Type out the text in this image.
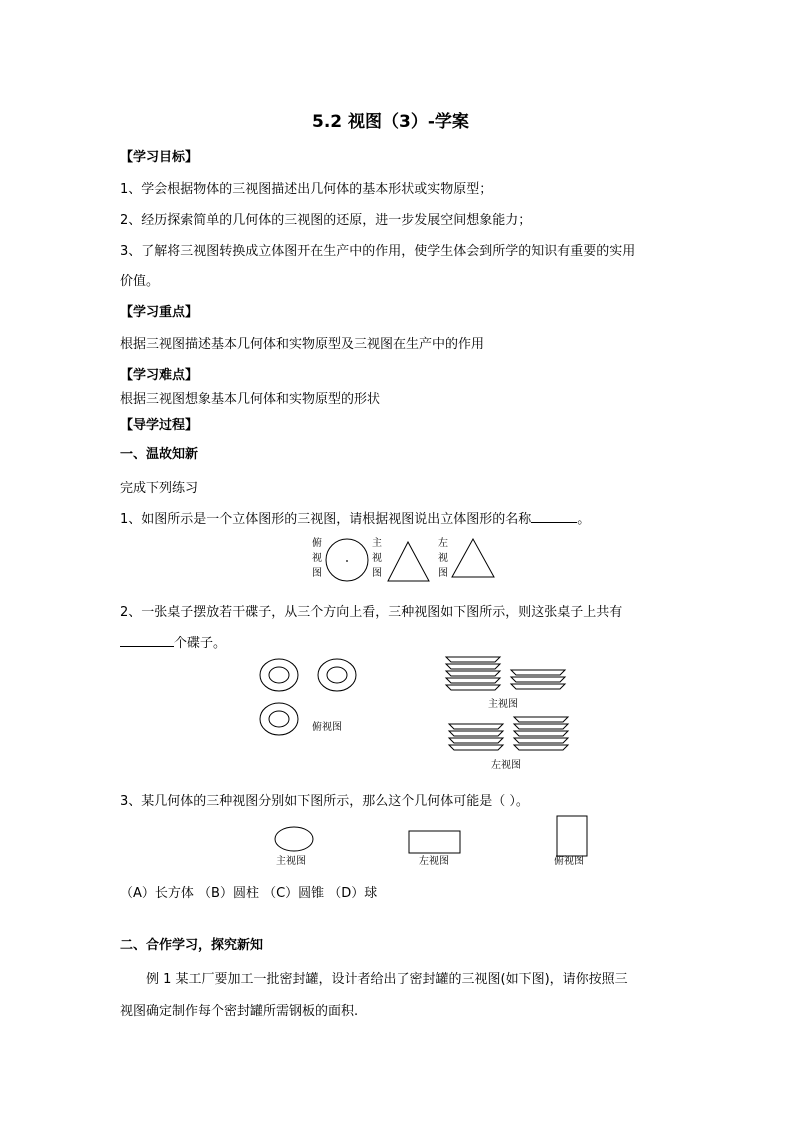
5.2 视图（3）-学案
【学习目标】
1、学会根据物体的三视图描述出几何体的基本形状或实物原型；
2、经历探索简单的几何体的三视图的还原，进一步发展空间想象能力；
3、了解将三视图转换成立体图开在生产中的作用，使学生体会到所学的知识有重要的实用
价值。
【学习重点】
根据三视图描述基本几何体和实物原型及三视图在生产中的作用
【学习难点】
根据三视图想象基本几何体和实物原型的形状
【导学过程】
一、温故知新
完成下列练习
1、如图所示是一个立体图形的三视图，请根据视图说出立体图形的名称	。
俯
视
图
主
视
图
左
视
图
2、一张桌子摆放若干碟子，从三个方向上看，三种视图如下图所示，则这张桌子上共有
个碟子。
俯视图
主视图
左视图
3、某几何体的三种视图分别如下图所示，那么这个几何体可能是（ ）。
主视图	左视图	俯视图
（A）长方体 （B）圆柱 （C）圆锥 （D）球
二、合作学习，探究新知
例 1 某工厂要加工一批密封罐，设计者给出了密封罐的三视图(如下图)，请你按照三
视图确定制作每个密封罐所需钢板的面积.
